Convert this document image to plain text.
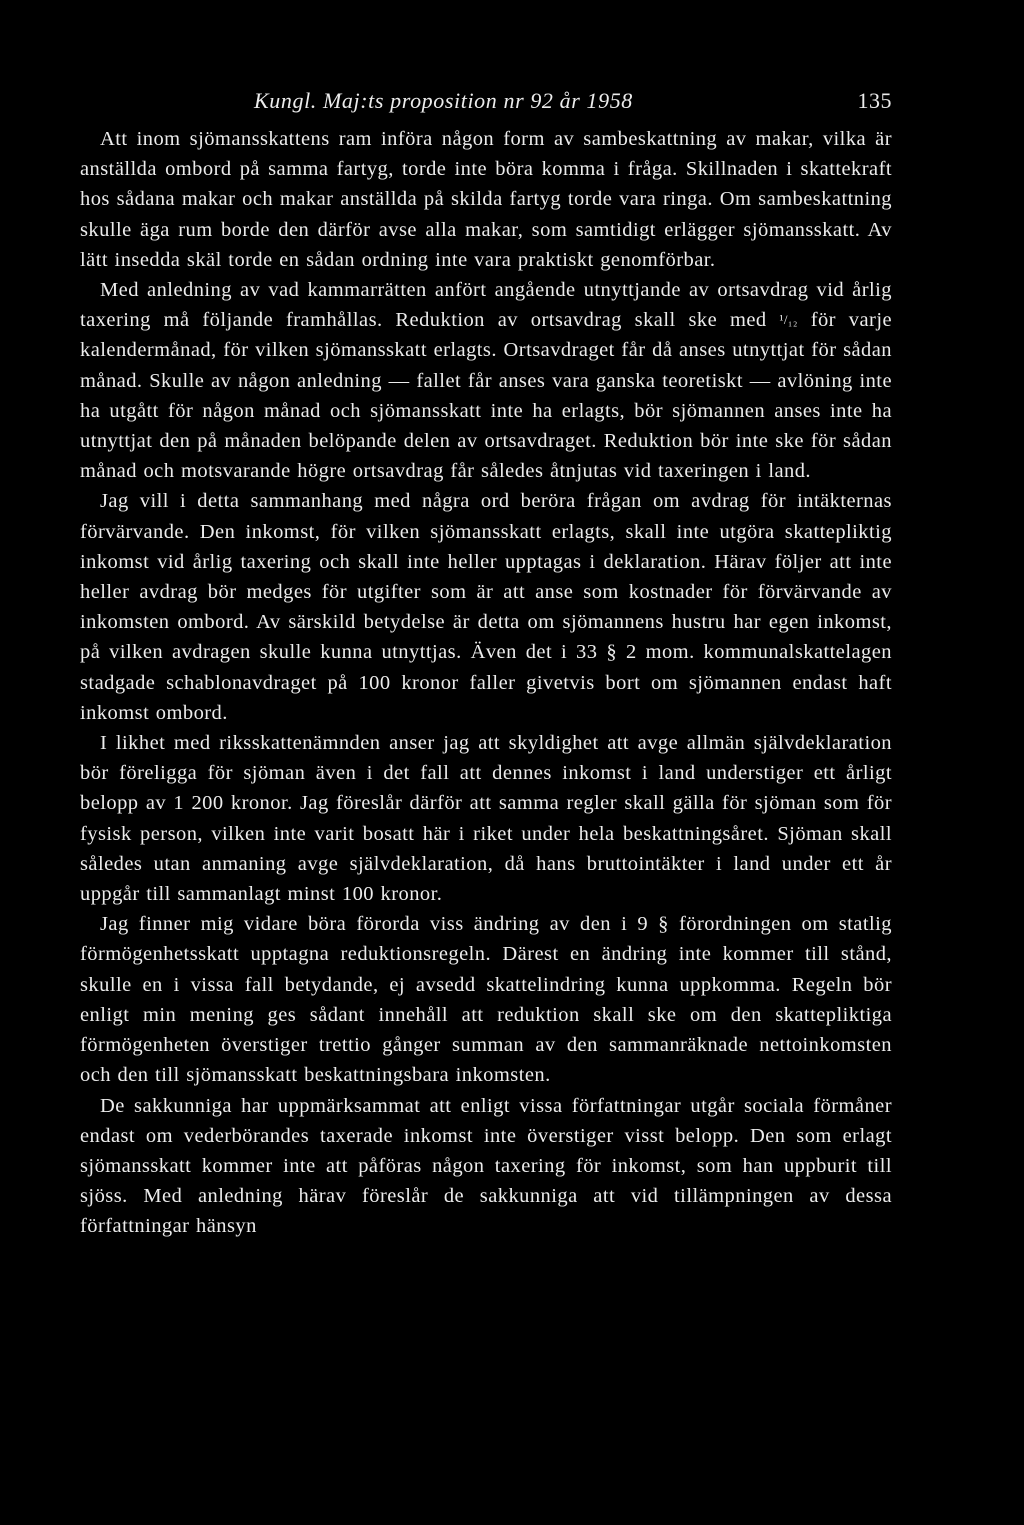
Kungl. Maj:ts proposition nr 92 år 1958	135

Att inom sjömansskattens ram införa någon form av sambeskattning av makar, vilka är anställda ombord på samma fartyg, torde inte böra komma i fråga. Skillnaden i skattekraft hos sådana makar och makar anställda på skilda fartyg torde vara ringa. Om sambeskattning skulle äga rum borde den därför avse alla makar, som samtidigt erlägger sjömansskatt. Av lätt insedda skäl torde en sådan ordning inte vara praktiskt genomförbar.

Med anledning av vad kammarrätten anfört angående utnyttjande av ortsavdrag vid årlig taxering må följande framhållas. Reduktion av ortsavdrag skall ske med ¹/₁₂ för varje kalendermånad, för vilken sjömansskatt erlagts. Ortsavdraget får då anses utnyttjat för sådan månad. Skulle av någon anledning — fallet får anses vara ganska teoretiskt — avlöning inte ha utgått för någon månad och sjömansskatt inte ha erlagts, bör sjömannen anses inte ha utnyttjat den på månaden belöpande delen av ortsavdraget. Reduktion bör inte ske för sådan månad och motsvarande högre ortsavdrag får således åtnjutas vid taxeringen i land.

Jag vill i detta sammanhang med några ord beröra frågan om avdrag för intäkternas förvärvande. Den inkomst, för vilken sjömansskatt erlagts, skall inte utgöra skattepliktig inkomst vid årlig taxering och skall inte heller upptagas i deklaration. Härav följer att inte heller avdrag bör medges för utgifter som är att anse som kostnader för förvärvande av inkomsten ombord. Av särskild betydelse är detta om sjömannens hustru har egen inkomst, på vilken avdragen skulle kunna utnyttjas. Även det i 33 § 2 mom. kommunalskattelagen stadgade schablonavdraget på 100 kronor faller givetvis bort om sjömannen endast haft inkomst ombord.

I likhet med riksskattenämnden anser jag att skyldighet att avge allmän självdeklaration bör föreligga för sjöman även i det fall att dennes inkomst i land understiger ett årligt belopp av 1 200 kronor. Jag föreslår därför att samma regler skall gälla för sjöman som för fysisk person, vilken inte varit bosatt här i riket under hela beskattningsåret. Sjöman skall således utan anmaning avge självdeklaration, då hans bruttointäkter i land under ett år uppgår till sammanlagt minst 100 kronor.

Jag finner mig vidare böra förorda viss ändring av den i 9 § förordningen om statlig förmögenhetsskatt upptagna reduktionsregeln. Därest en ändring inte kommer till stånd, skulle en i vissa fall betydande, ej avsedd skattelindring kunna uppkomma. Regeln bör enligt min mening ges sådant innehåll att reduktion skall ske om den skattepliktiga förmögenheten överstiger trettio gånger summan av den sammanräknade nettoinkomsten och den till sjömansskatt beskattningsbara inkomsten.

De sakkunniga har uppmärksammat att enligt vissa författningar utgår sociala förmåner endast om vederbörandes taxerade inkomst inte överstiger visst belopp. Den som erlagt sjömansskatt kommer inte att påföras någon taxering för inkomst, som han uppburit till sjöss. Med anledning härav föreslår de sakkunniga att vid tillämpningen av dessa författningar hänsyn
